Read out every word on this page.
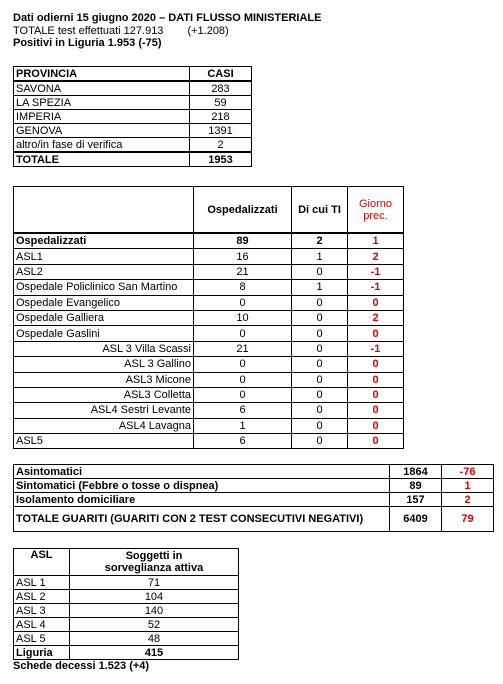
Dati odierni 15 giugno 2020 – DATI FLUSSO MINISTERIALE
TOTALE test effettuati 127.913 (+1.208)
Positivi in Liguria 1.953 (-75)
PROVINCIA	CASI
SAVONA	283
LA SPEZIA	59
IMPERIA	218
GENOVA	1391
altro/in fase di verifica	2
TOTALE	1953
	Ospedalizzati	Di cui TI	Giorno prec.
Ospedalizzati	89	2	1
ASL1	16	1	2
ASL2	21	0	-1
Ospedale Policlinico San Martino	8	1	-1
Ospedale Evangelico	0	0	0
Ospedale Galliera	10	0	2
Ospedale Gaslini	0	0	0
ASL 3 Villa Scassi	21	0	-1
ASL 3 Gallino	0	0	0
ASL3 Micone	0	0	0
ASL3 Colletta	0	0	0
ASL4 Sestri Levante	6	0	0
ASL4 Lavagna	1	0	0
ASL5	6	0	0
Asintomatici	1864	-76
Sintomatici (Febbre o tosse o dispnea)	89	1
Isolamento domiciliare	157	2
TOTALE GUARITI (GUARITI CON 2 TEST CONSECUTIVI NEGATIVI)	6409	79
ASL	Soggetti in sorveglianza attiva
ASL 1	71
ASL 2	104
ASL 3	140
ASL 4	52
ASL 5	48
Liguria	415
Schede decessi 1.523 (+4)
